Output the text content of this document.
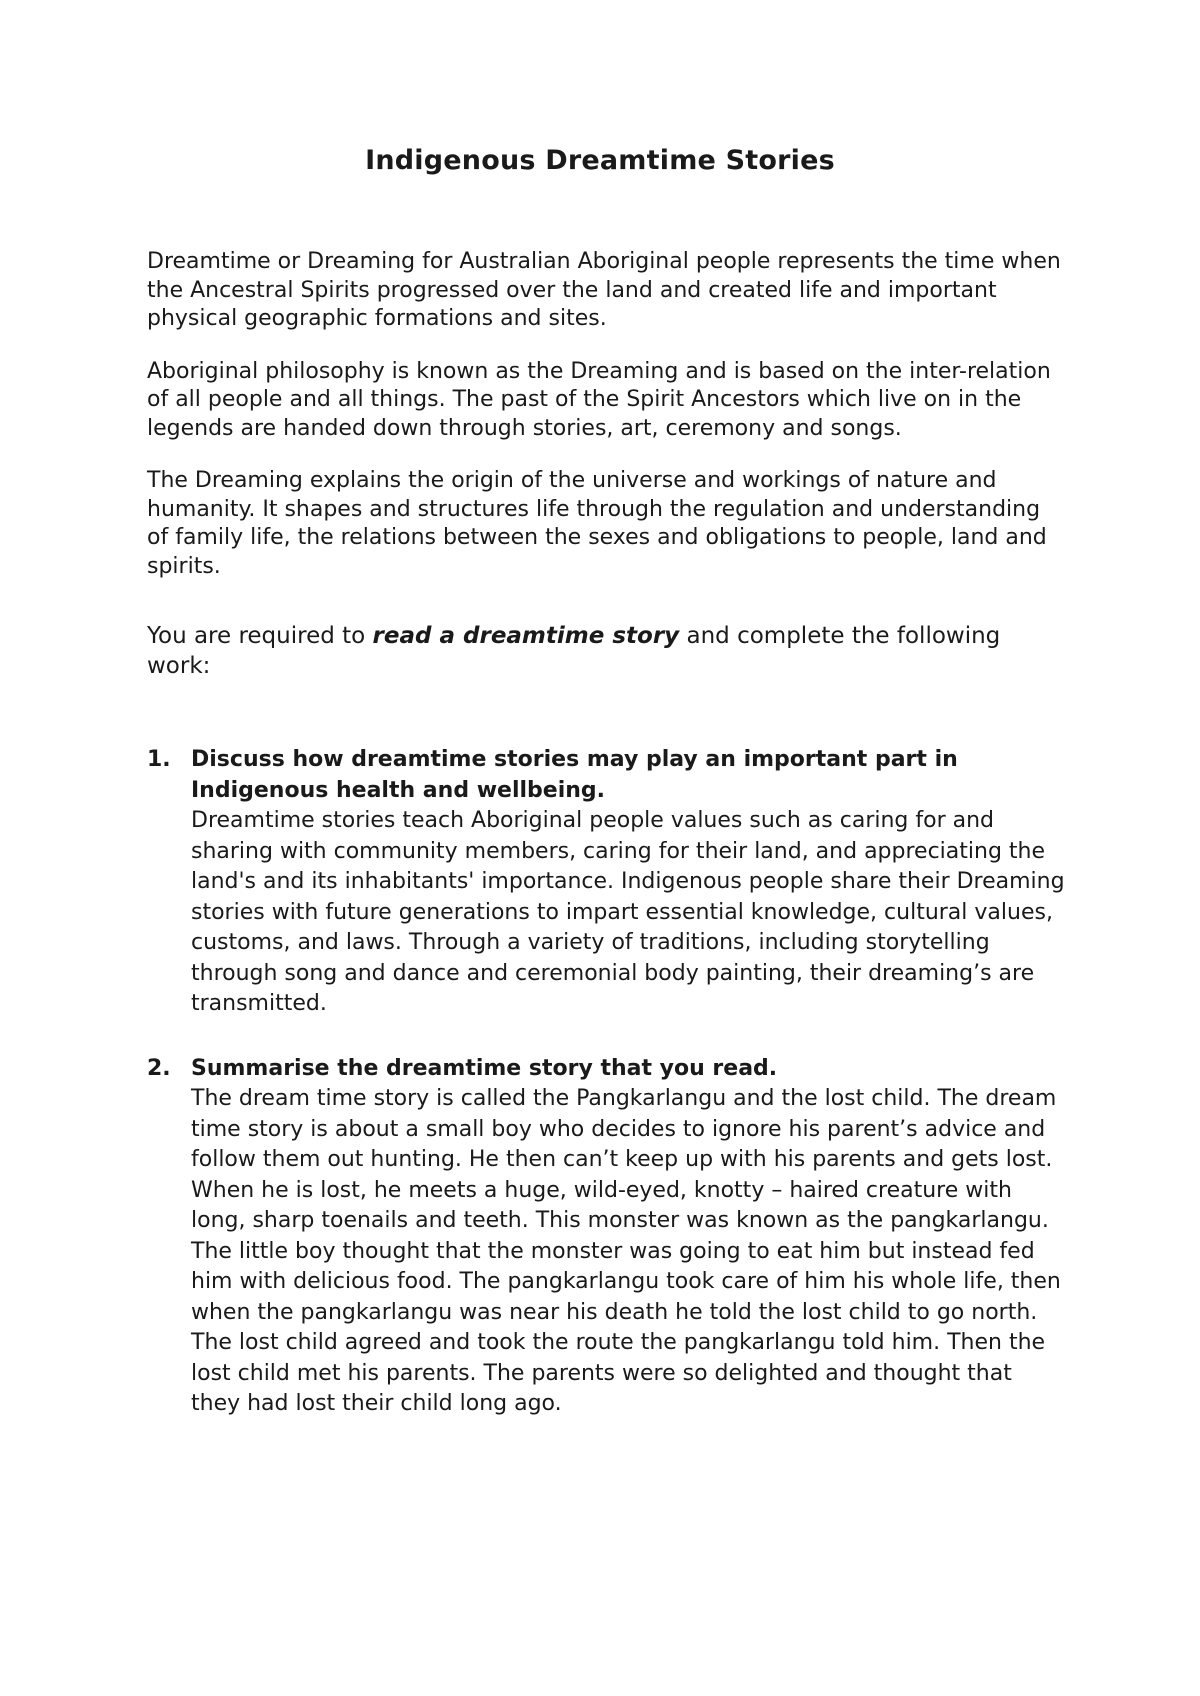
Indigenous Dreamtime Stories

Dreamtime or Dreaming for Australian Aboriginal people represents the time when the Ancestral Spirits progressed over the land and created life and important physical geographic formations and sites.

Aboriginal philosophy is known as the Dreaming and is based on the inter-relation of all people and all things. The past of the Spirit Ancestors which live on in the legends are handed down through stories, art, ceremony and songs.

The Dreaming explains the origin of the universe and workings of nature and humanity. It shapes and structures life through the regulation and understanding of family life, the relations between the sexes and obligations to people, land and spirits.

You are required to read a dreamtime story and complete the following work:

1. Discuss how dreamtime stories may play an important part in Indigenous health and wellbeing.
Dreamtime stories teach Aboriginal people values such as caring for and sharing with community members, caring for their land, and appreciating the land's and its inhabitants' importance. Indigenous people share their Dreaming stories with future generations to impart essential knowledge, cultural values, customs, and laws. Through a variety of traditions, including storytelling through song and dance and ceremonial body painting, their dreaming’s are transmitted.
2. Summarise the dreamtime story that you read.
The dream time story is called the Pangkarlangu and the lost child. The dream time story is about a small boy who decides to ignore his parent’s advice and follow them out hunting. He then can’t keep up with his parents and gets lost. When he is lost, he meets a huge, wild-eyed, knotty – haired creature with long, sharp toenails and teeth. This monster was known as the pangkarlangu. The little boy thought that the monster was going to eat him but instead fed him with delicious food. The pangkarlangu took care of him his whole life, then when the pangkarlangu was near his death he told the lost child to go north. The lost child agreed and took the route the pangkarlangu told him. Then the lost child met his parents. The parents were so delighted and thought that they had lost their child long ago.
